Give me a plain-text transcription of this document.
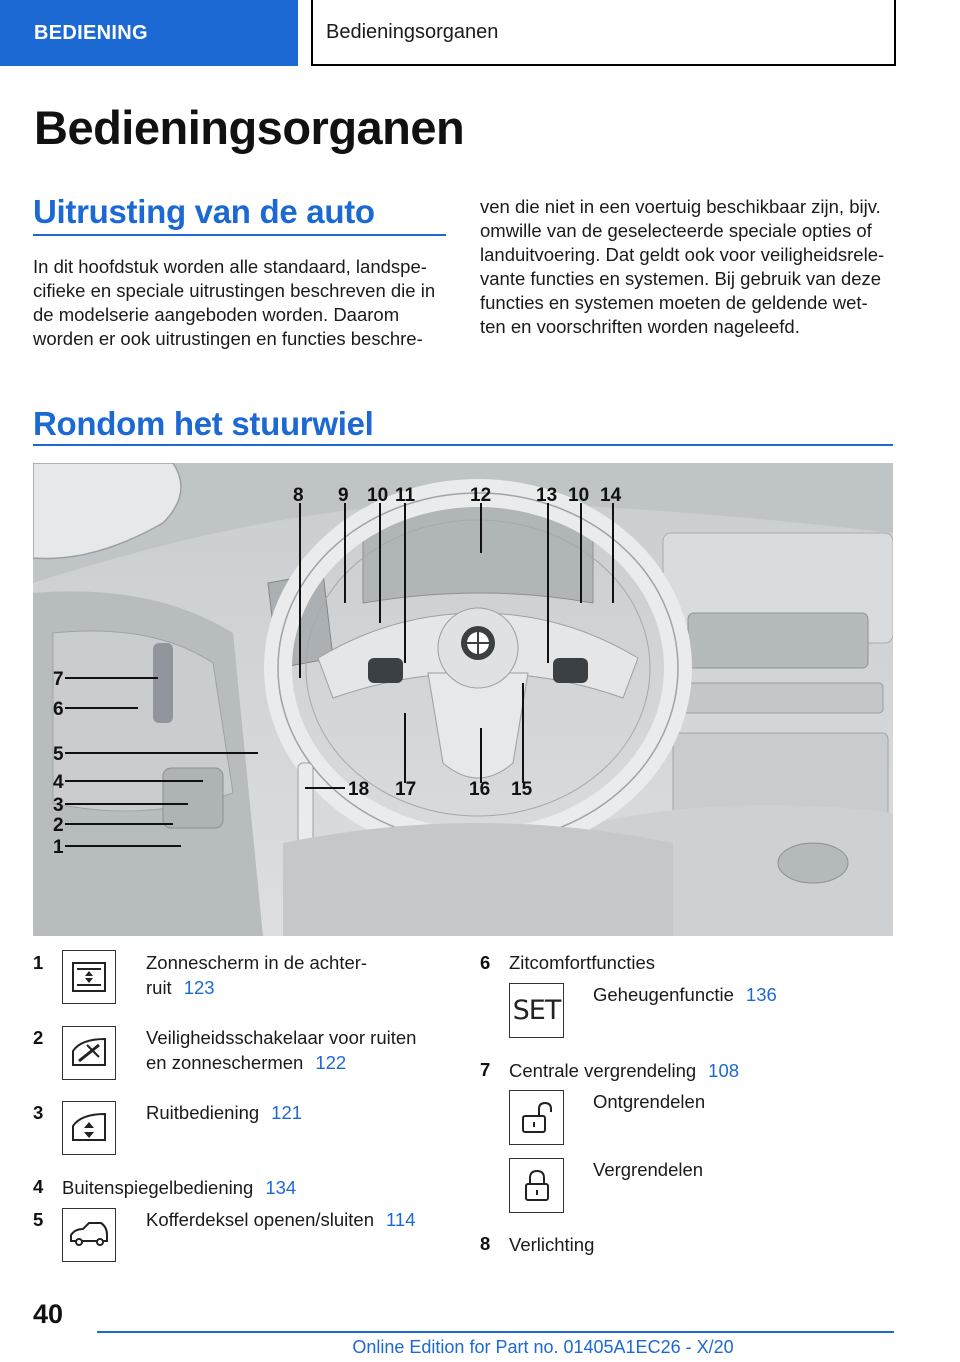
BEDIENING	Bedieningsorganen
Bedieningsorganen
Uitrusting van de auto

In dit hoofdstuk worden alle standaard, landspe-
cifieke en speciale uitrustingen beschreven die in
de modelserie aangeboden worden. Daarom
worden er ook uitrustingen en functies beschre-

ven die niet in een voertuig beschikbaar zijn, bijv.
omwille van de geselecteerde speciale opties of
landuitvoering. Dat geldt ook voor veiligheidsrele-
vante functies en systemen. Bij gebruik van deze
functies en systemen moeten de geldende wet-
ten en voorschriften worden nageleefd.

Rondom het stuurwiel
8 9 10 11	12 13 10 14
7
6
5
4
3
2
1
18 17	16 15
1	Zonnescherm in de achter-
ruit 123
2	Veiligheidsschakelaar voor ruiten
en zonneschermen 122
3	Ruitbediening 121
4 Buitenspiegelbediening 134
5	Kofferdeksel openen/sluiten 114
6 Zitcomfortfuncties
SET
Geheugenfunctie 136
7 Centrale vergrendeling 108
Ontgrendelen
Vergrendelen
8 Verlichting
40
Online Edition for Part no. 01405A1EC26 - X/20
